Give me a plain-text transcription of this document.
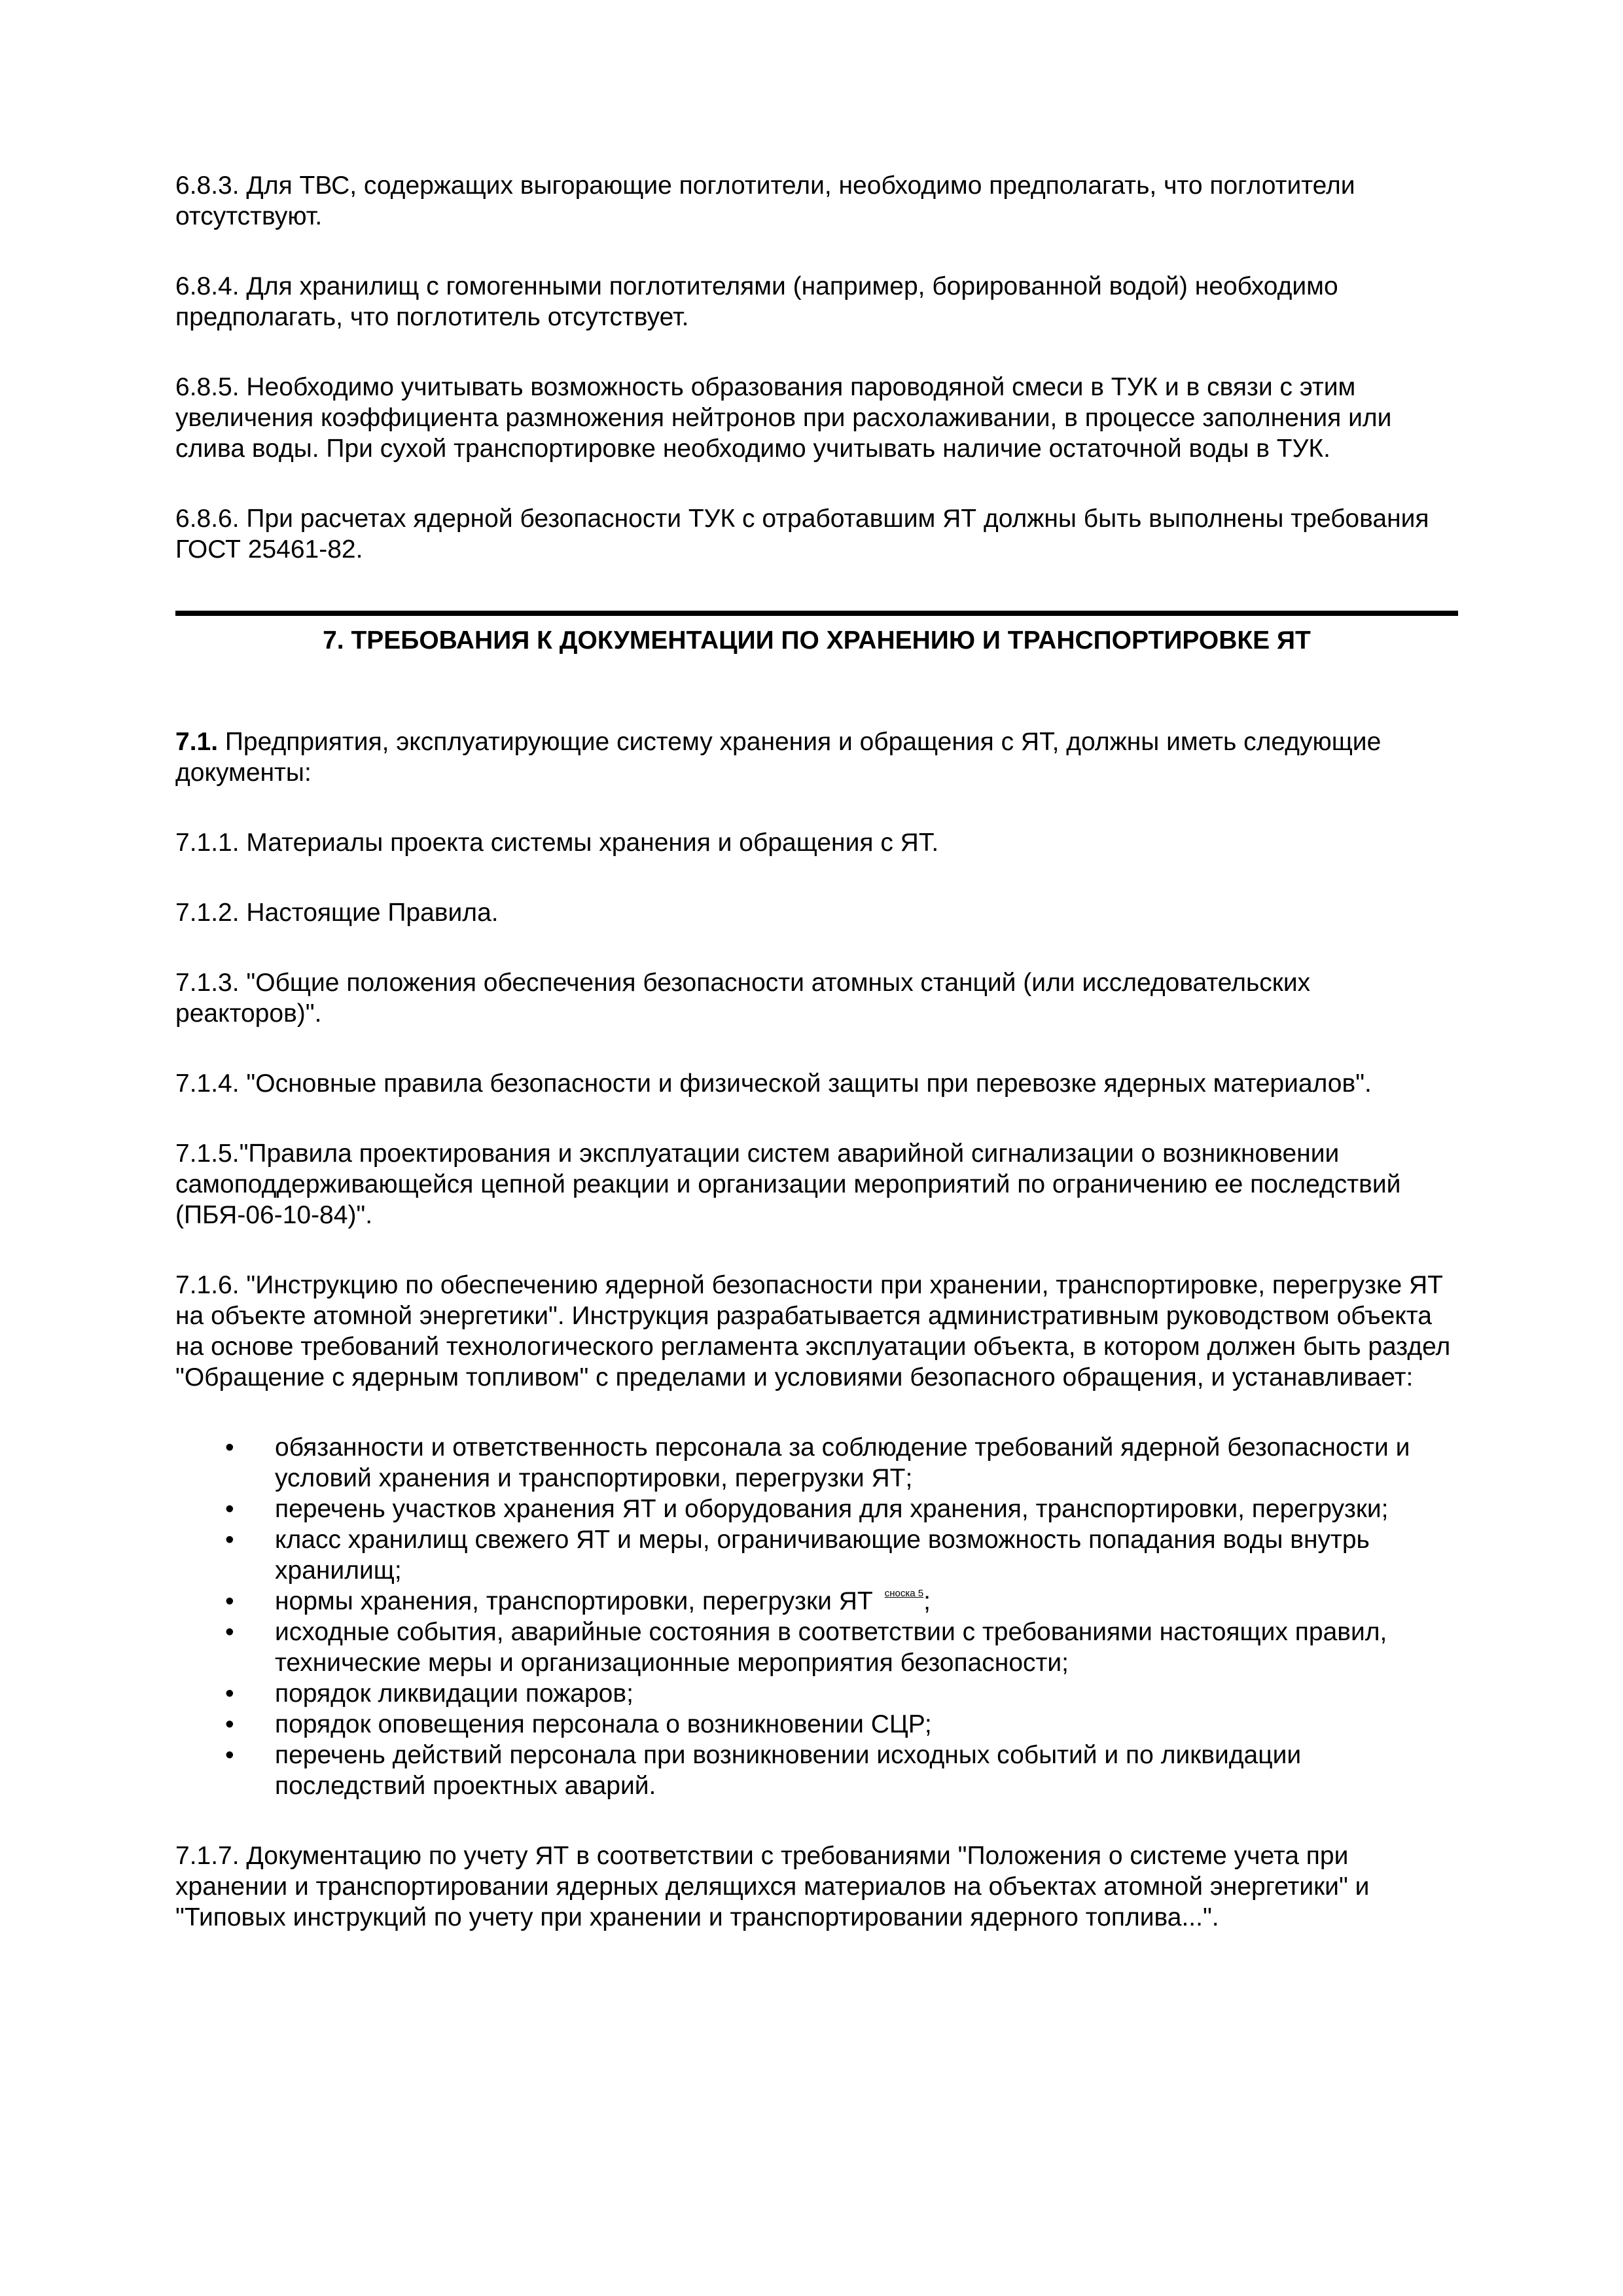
6.8.3. Для ТВС, содержащих выгорающие поглотители, необходимо предполагать, что поглотители отсутствуют.

6.8.4. Для хранилищ с гомогенными поглотителями (например, борированной водой) необходимо предполагать, что поглотитель отсутствует.

6.8.5. Необходимо учитывать возможность образования пароводяной смеси в ТУК и в связи с этим увеличения коэффициента размножения нейтронов при расхолаживании, в процессе заполнения или слива воды. При сухой транспортировке необходимо учитывать наличие остаточной воды в ТУК.

6.8.6. При расчетах ядерной безопасности ТУК с отработавшим ЯТ должны быть выполнены требования ГОСТ 25461-82.

7. ТРЕБОВАНИЯ К ДОКУМЕНТАЦИИ ПО ХРАНЕНИЮ И ТРАНСПОРТИРОВКЕ ЯТ

7.1. Предприятия, эксплуатирующие систему хранения и обращения с ЯТ, должны иметь следующие документы:

7.1.1. Материалы проекта системы хранения и обращения с ЯТ.

7.1.2. Настоящие Правила.

7.1.3. "Общие положения обеспечения безопасности атомных станций (или исследовательских реакторов)".

7.1.4. "Основные правила безопасности и физической защиты при перевозке ядерных материалов".

7.1.5."Правила проектирования и эксплуатации систем аварийной сигнализации о возникновении самоподдерживающейся цепной реакции и организации мероприятий по ограничению ее последствий (ПБЯ-06-10-84)".

7.1.6. "Инструкцию по обеспечению ядерной безопасности при хранении, транспортировке, перегрузке ЯТ на объекте атомной энергетики". Инструкция разрабатывается административным руководством объекта на основе требований технологического регламента эксплуатации объекта, в котором должен быть раздел "Обращение с ядерным топливом" с пределами и условиями безопасного обращения, и устанавливает:

• обязанности и ответственность персонала за соблюдение требований ядерной безопасности и условий хранения и транспортировки, перегрузки ЯТ;
• перечень участков хранения ЯТ и оборудования для хранения, транспортировки, перегрузки;
• класс хранилищ свежего ЯТ и меры, ограничивающие возможность попадания воды внутрь хранилищ;
• нормы хранения, транспортировки, перегрузки ЯТ $^{сноска 5}$;
• исходные события, аварийные состояния в соответствии с требованиями настоящих правил, технические меры и организационные мероприятия безопасности;
• порядок ликвидации пожаров;
• порядок оповещения персонала о возникновении СЦР;
• перечень действий персонала при возникновении исходных событий и по ликвидации последствий проектных аварий.

7.1.7. Документацию по учету ЯТ в соответствии с требованиями "Положения о системе учета при хранении и транспортировании ядерных делящихся материалов на объектах атомной энергетики" и "Типовых инструкций по учету при хранении и транспортировании ядерного топлива...".
